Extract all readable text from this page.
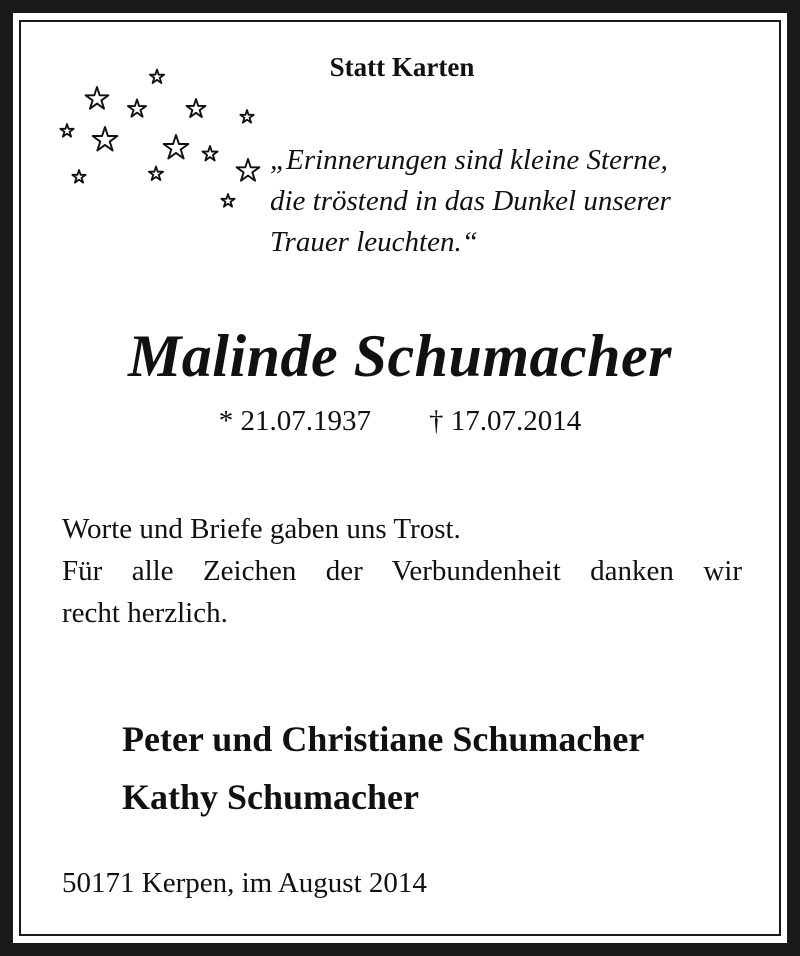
Statt Karten
„Erinnerungen sind kleine Sterne,
die tröstend in das Dunkel unserer
Trauer leuchten.“
Malinde Schumacher
* 21.07.1937 † 17.07.2014
Worte und Briefe gaben uns Trost.
Für alle Zeichen der Verbundenheit danken wir
recht herzlich.
Peter und Christiane Schumacher
Kathy Schumacher
50171 Kerpen, im August 2014
